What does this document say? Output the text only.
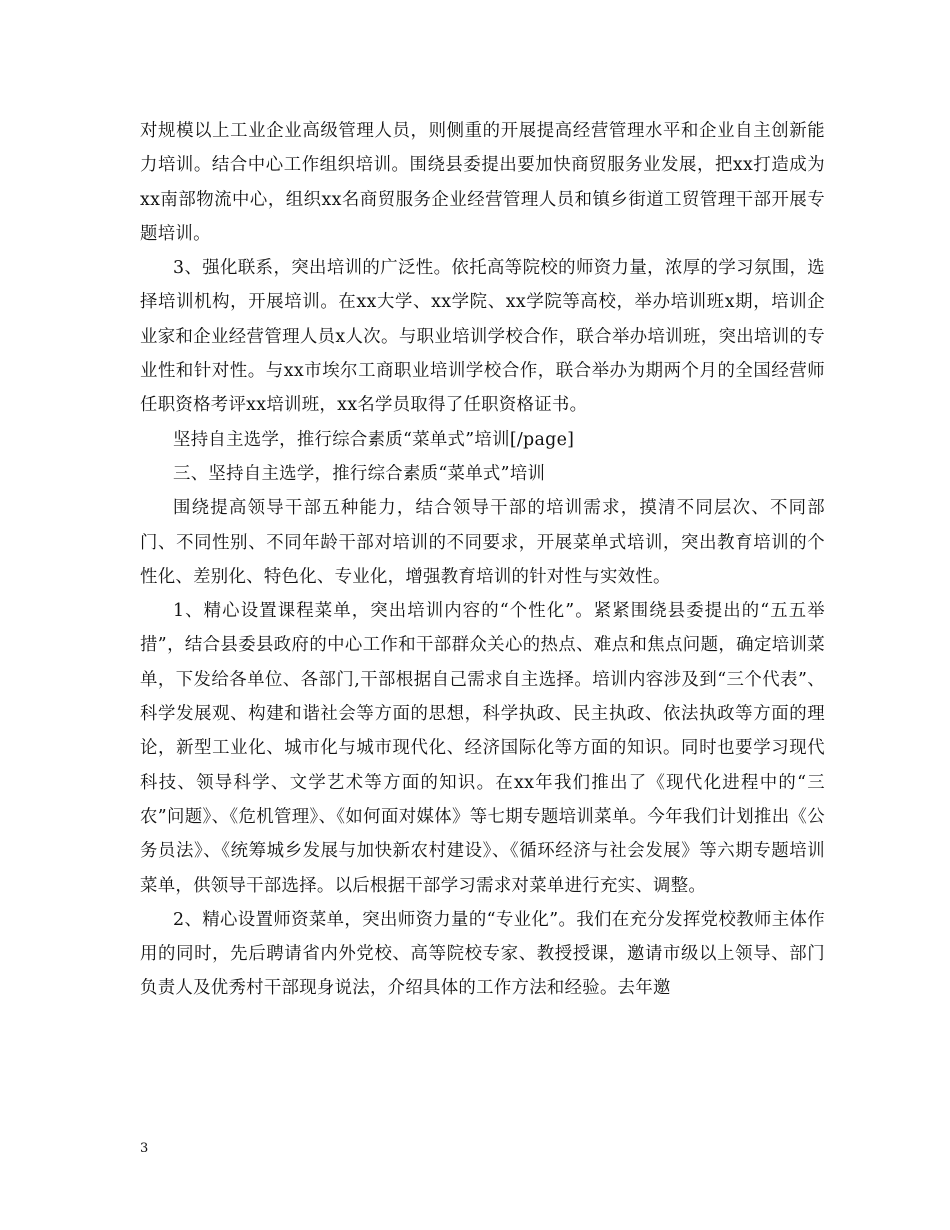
对规模以上工业企业高级管理人员，则侧重的开展提高经营管理水平和企业自主创新能力培训。结合中心工作组织培训。围绕县委提出要加快商贸服务业发展，把xx打造成为xx南部物流中心，组织xx名商贸服务企业经营管理人员和镇乡街道工贸管理干部开展专题培训。

3、强化联系，突出培训的广泛性。依托高等院校的师资力量，浓厚的学习氛围，选择培训机构，开展培训。在xx大学、xx学院、xx学院等高校，举办培训班x期，培训企业家和企业经营管理人员x人次。与职业培训学校合作，联合举办培训班，突出培训的专业性和针对性。与xx市埃尔工商职业培训学校合作，联合举办为期两个月的全国经营师任职资格考评xx培训班，xx名学员取得了任职资格证书。

坚持自主选学，推行综合素质“菜单式”培训[/page]

三、坚持自主选学，推行综合素质“菜单式”培训

围绕提高领导干部五种能力，结合领导干部的培训需求，摸清不同层次、不同部门、不同性别、不同年龄干部对培训的不同要求，开展菜单式培训，突出教育培训的个性化、差别化、特色化、专业化，增强教育培训的针对性与实效性。

1、精心设置课程菜单，突出培训内容的“个性化”。紧紧围绕县委提出的“五五举措”，结合县委县政府的中心工作和干部群众关心的热点、难点和焦点问题，确定培训菜单，下发给各单位、各部门,干部根据自己需求自主选择。培训内容涉及到“三个代表”、科学发展观、构建和谐社会等方面的思想，科学执政、民主执政、依法执政等方面的理论，新型工业化、城市化与城市现代化、经济国际化等方面的知识。同时也要学习现代科技、领导科学、文学艺术等方面的知识。在xx年我们推出了《现代化进程中的“三农”问题》、《危机管理》、《如何面对媒体》等七期专题培训菜单。今年我们计划推出《公务员法》、《统筹城乡发展与加快新农村建设》、《循环经济与社会发展》等六期专题培训菜单，供领导干部选择。以后根据干部学习需求对菜单进行充实、调整。

2、精心设置师资菜单，突出师资力量的“专业化”。我们在充分发挥党校教师主体作用的同时，先后聘请省内外党校、高等院校专家、教授授课，邀请市级以上领导、部门负责人及优秀村干部现身说法，介绍具体的工作方法和经验。去年邀

3
